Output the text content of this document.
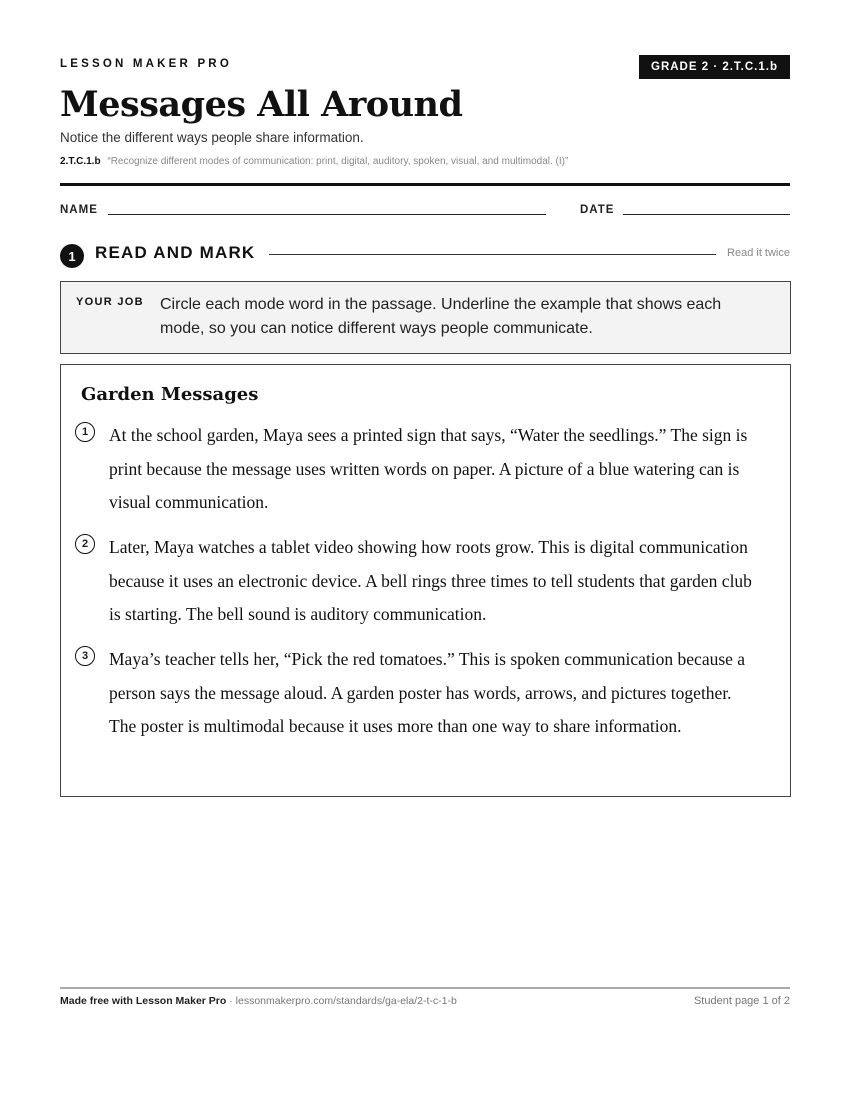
LESSON MAKER PRO	GRADE 2 · 2.T.C.1.b
Messages All Around
Notice the different ways people share information.
2.T.C.1.b “Recognize different modes of communication: print, digital, auditory, spoken, visual, and multimodal. (I)”
NAME	DATE
1	READ AND MARK	Read it twice
YOUR JOB Circle each mode word in the passage. Underline the example that shows each mode, so you can notice different ways people communicate.
Garden Messages
1	At the school garden, Maya sees a printed sign that says, “Water the seedlings.” The sign is print because the message uses written words on paper. A picture of a blue watering can is visual communication.
2	Later, Maya watches a tablet video showing how roots grow. This is digital communication because it uses an electronic device. A bell rings three times to tell students that garden club is starting. The bell sound is auditory communication.
3	Maya’s teacher tells her, “Pick the red tomatoes.” This is spoken communication because a person says the message aloud. A garden poster has words, arrows, and pictures together. The poster is multimodal because it uses more than one way to share information.
Made free with Lesson Maker Pro · lessonmakerpro.com/standards/ga-ela/2-t-c-1-b	Student page 1 of 2
